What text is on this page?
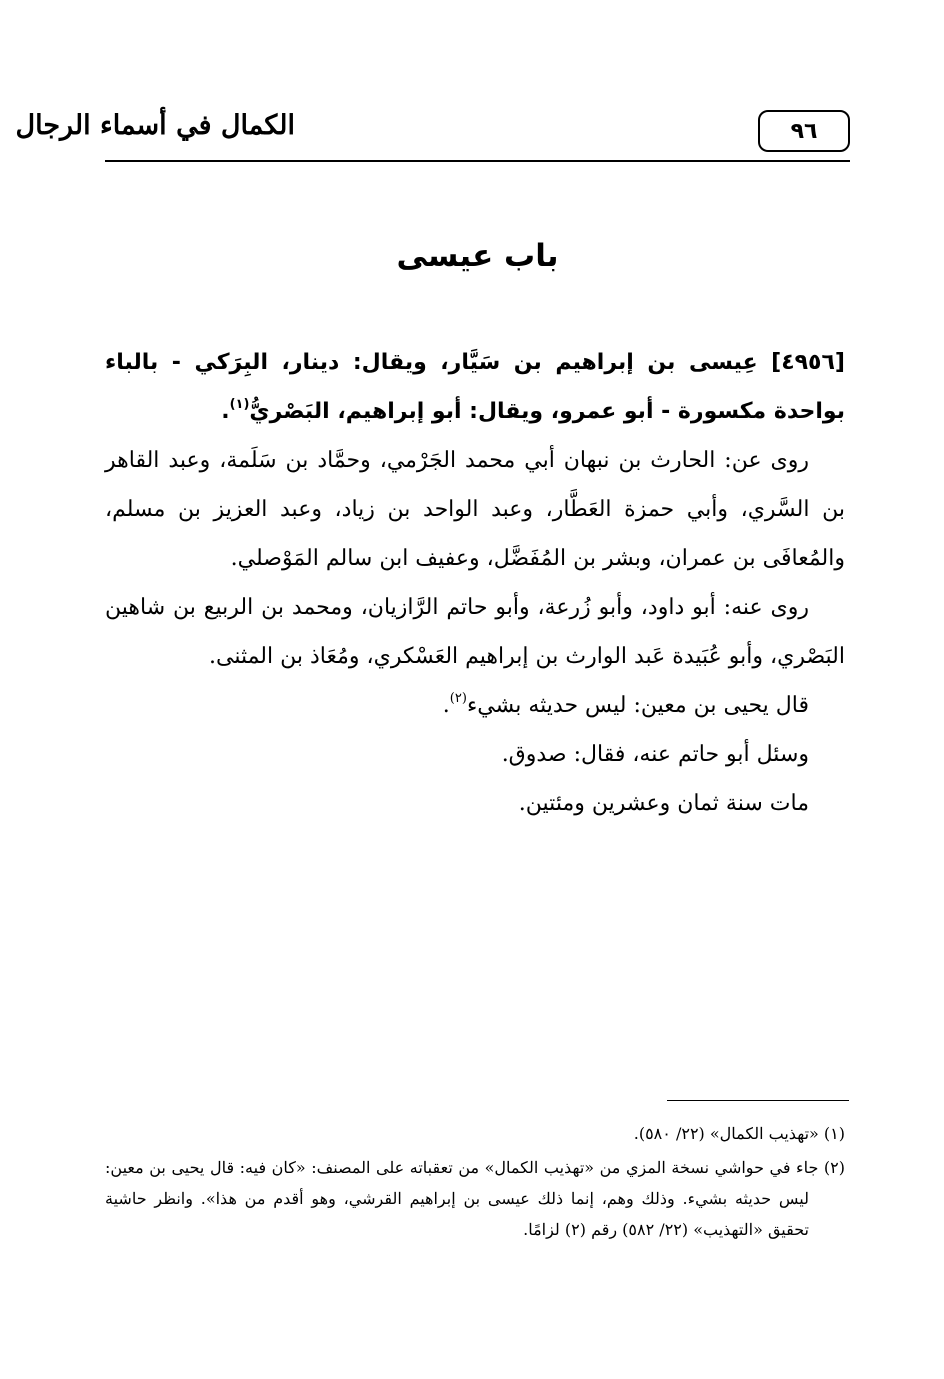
الكمال في أسماء الرجال	٩٦
باب عيسى

[٤٩٥٦] عِيسى بن إبراهيم بن سَيَّار، ويقال: دينار، البِرَكي - بالباء بواحدة مكسورة - أبو عمرو، ويقال: أبو إبراهيم، البَصْريُّ$^{(١)}$.

روى عن: الحارث بن نبهان أبي محمد الجَرْمي، وحمَّاد بن سَلَمة، وعبد القاهر بن السَّري، وأبي حمزة العَطَّار، وعبد الواحد بن زياد، وعبد العزيز بن مسلم، والمُعافَى بن عمران، وبشر بن المُفَضَّل، وعفيف ابن سالم المَوْصلي.

روى عنه: أبو داود، وأبو زُرعة، وأبو حاتم الرَّازيان، ومحمد بن الربيع بن شاهين البَصْري، وأبو عُبَيدة عَبد الوارث بن إبراهيم العَسْكري، ومُعَاذ بن المثنى.

قال يحيى بن معين: ليس حديثه بشيء$^{(٢)}$.

وسئل أبو حاتم عنه، فقال: صدوق.

مات سنة ثمان وعشرين ومئتين.

(١) «تهذيب الكمال» (٢٢/ ٥٨٠).

(٢) جاء في حواشي نسخة المزي من «تهذيب الكمال» من تعقباته على المصنف: «كان فيه: قال يحيى بن معين: ليس حديثه بشيء. وذلك وهم، إنما ذلك عيسى بن إبراهيم القرشي، وهو أقدم من هذا». وانظر حاشية تحقيق «التهذيب» (٢٢/ ٥٨٢) رقم (٢) لزامًا.
